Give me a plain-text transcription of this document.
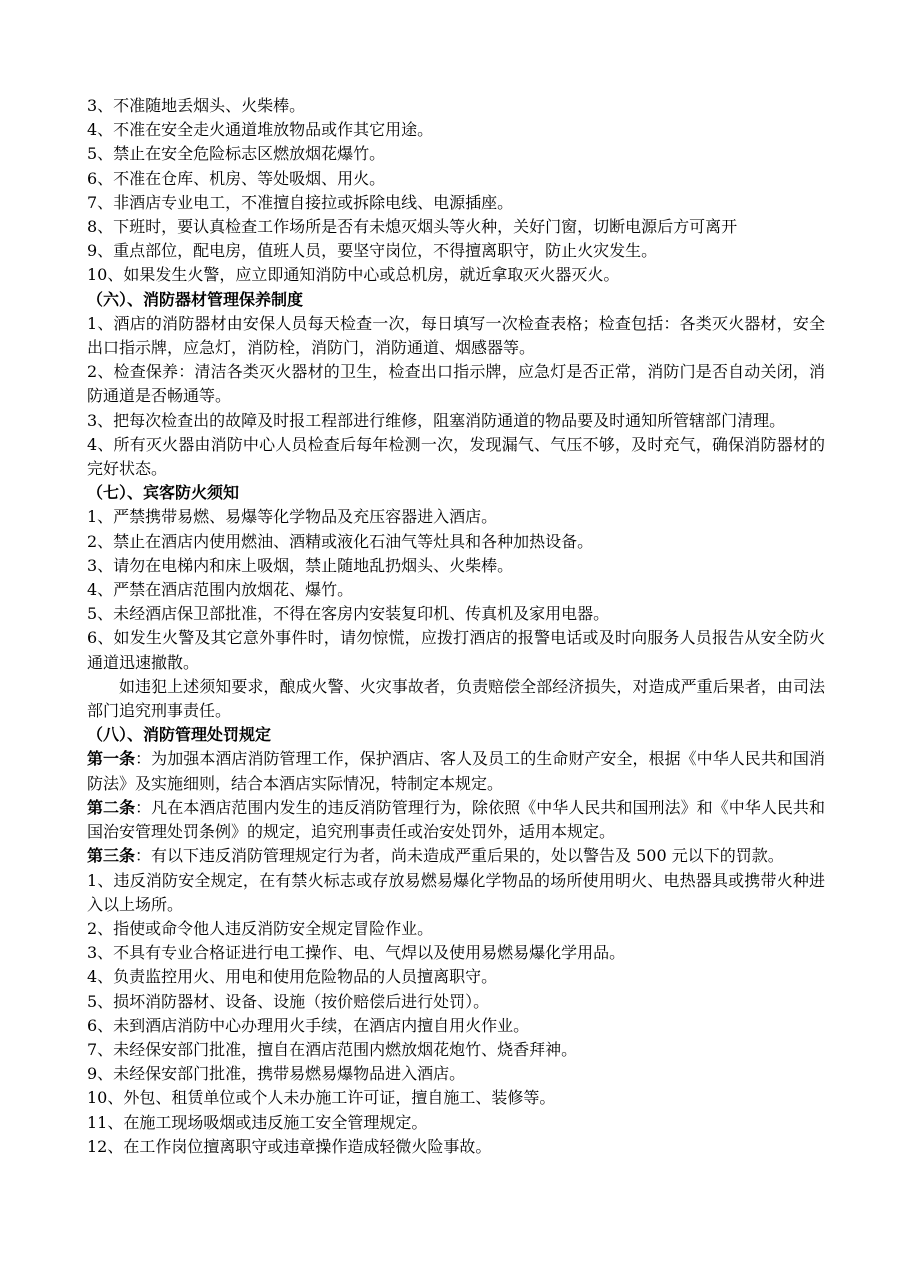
3、不准随地丢烟头、火柴棒。

4、不准在安全走火通道堆放物品或作其它用途。

5、禁止在安全危险标志区燃放烟花爆竹。

6、不准在仓库、机房、等处吸烟、用火。

7、非酒店专业电工，不准擅自接拉或拆除电线、电源插座。

8、下班时，要认真检查工作场所是否有未熄灭烟头等火种，关好门窗，切断电源后方可离开

9、重点部位，配电房，值班人员，要坚守岗位，不得擅离职守，防止火灾发生。

10、如果发生火警，应立即通知消防中心或总机房，就近拿取灭火器灭火。

（六）、消防器材管理保养制度

1、酒店的消防器材由安保人员每天检查一次，每日填写一次检查表格；检查包括：各类灭火器材，安全出口指示牌，应急灯，消防栓，消防门，消防通道、烟感器等。

2、检查保养：清洁各类灭火器材的卫生，检查出口指示牌，应急灯是否正常，消防门是否自动关闭，消防通道是否畅通等。

3、把每次检查出的故障及时报工程部进行维修，阻塞消防通道的物品要及时通知所管辖部门清理。

4、所有灭火器由消防中心人员检查后每年检测一次，发现漏气、气压不够，及时充气，确保消防器材的完好状态。

（七）、宾客防火须知

1、严禁携带易燃、易爆等化学物品及充压容器进入酒店。

2、禁止在酒店内使用燃油、酒精或液化石油气等灶具和各种加热设备。

3、请勿在电梯内和床上吸烟，禁止随地乱扔烟头、火柴棒。

4、严禁在酒店范围内放烟花、爆竹。

5、未经酒店保卫部批准，不得在客房内安装复印机、传真机及家用电器。

6、如发生火警及其它意外事件时，请勿惊慌，应拨打酒店的报警电话或及时向服务人员报告从安全防火通道迅速撤散。

如违犯上述须知要求，酿成火警、火灾事故者，负责赔偿全部经济损失，对造成严重后果者，由司法部门追究刑事责任。

（八）、消防管理处罚规定

第一条：为加强本酒店消防管理工作，保护酒店、客人及员工的生命财产安全，根据《中华人民共和国消防法》及实施细则，结合本酒店实际情况，特制定本规定。

第二条：凡在本酒店范围内发生的违反消防管理行为，除依照《中华人民共和国刑法》和《中华人民共和国治安管理处罚条例》的规定，追究刑事责任或治安处罚外，适用本规定。

第三条：有以下违反消防管理规定行为者，尚未造成严重后果的，处以警告及 500 元以下的罚款。

1、违反消防安全规定，在有禁火标志或存放易燃易爆化学物品的场所使用明火、电热器具或携带火种进入以上场所。

2、指使或命令他人违反消防安全规定冒险作业。

3、不具有专业合格证进行电工操作、电、气焊以及使用易燃易爆化学用品。

4、负责监控用火、用电和使用危险物品的人员擅离职守。

5、损坏消防器材、设备、设施（按价赔偿后进行处罚）。

6、未到酒店消防中心办理用火手续，在酒店内擅自用火作业。

7、未经保安部门批准，擅自在酒店范围内燃放烟花炮竹、烧香拜神。

9、未经保安部门批准，携带易燃易爆物品进入酒店。

10、外包、租赁单位或个人未办施工许可证，擅自施工、装修等。

11、在施工现场吸烟或违反施工安全管理规定。

12、在工作岗位擅离职守或违章操作造成轻微火险事故。
